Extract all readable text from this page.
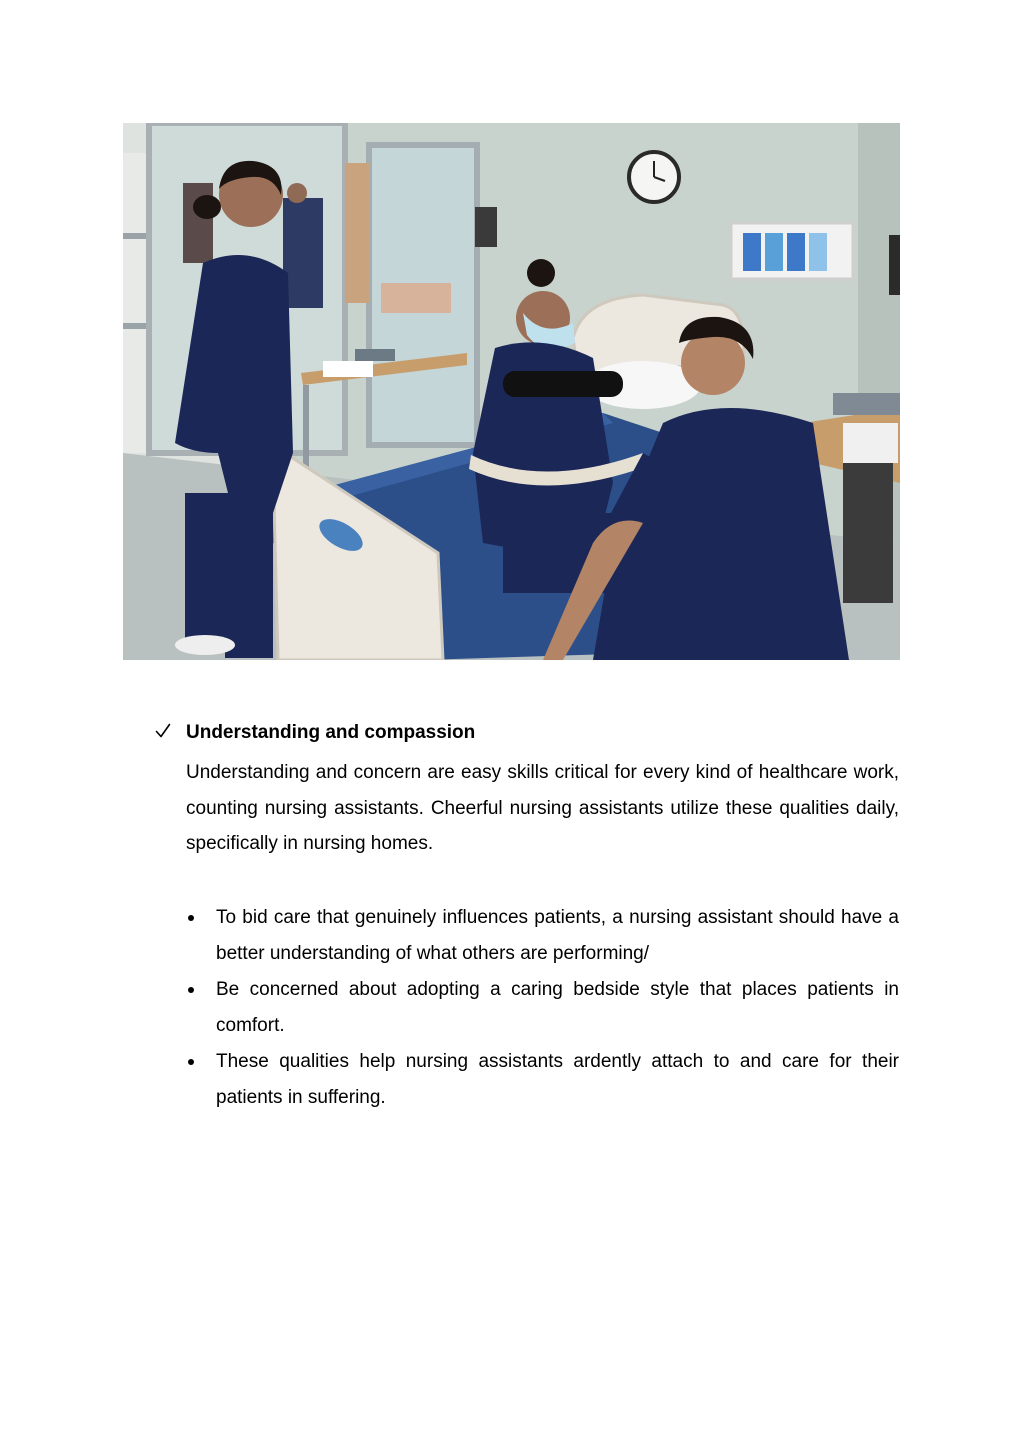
Understanding and compassion

Understanding and concern are easy skills critical for every kind of healthcare work, counting nursing assistants. Cheerful nursing assistants utilize these qualities daily, specifically in nursing homes.

To bid care that genuinely influences patients, a nursing assistant should have a better understanding of what others are performing/
Be concerned about adopting a caring bedside style that places patients in comfort.
These qualities help nursing assistants ardently attach to and care for their patients in suffering.
